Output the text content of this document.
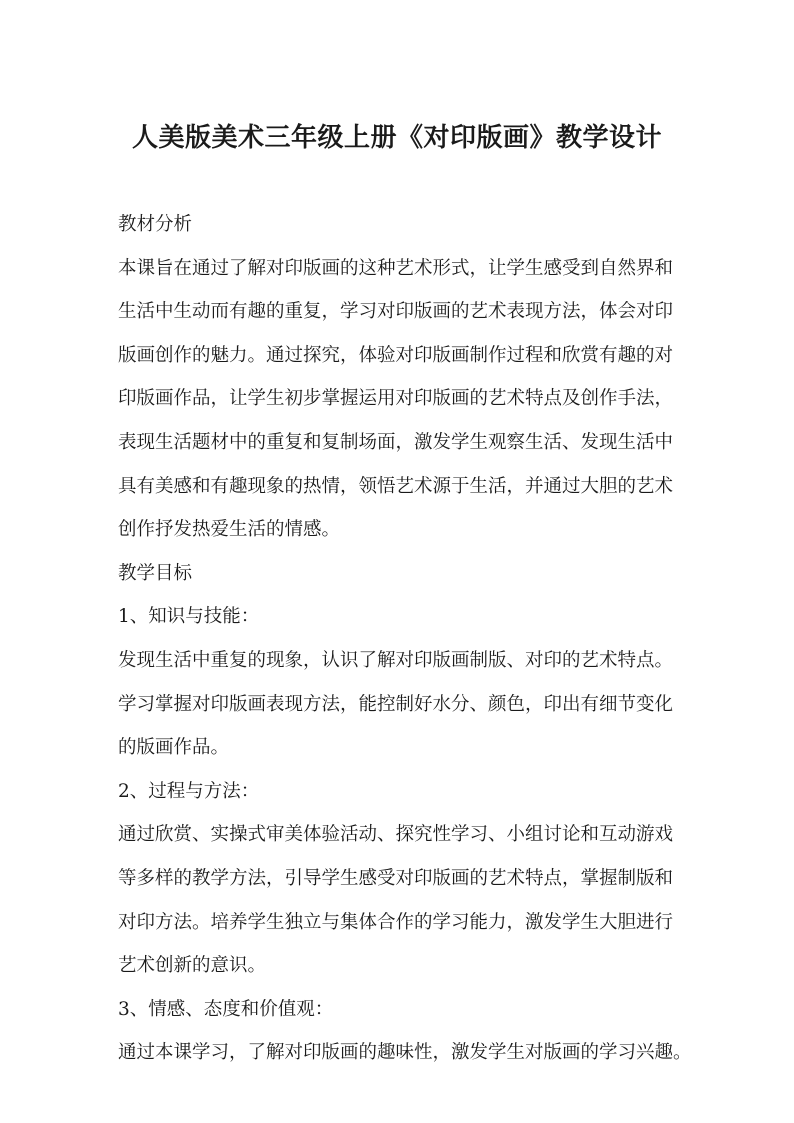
人美版美术三年级上册《对印版画》教学设计
教材分析
本课旨在通过了解对印版画的这种艺术形式，让学生感受到自然界和
生活中生动而有趣的重复，学习对印版画的艺术表现方法，体会对印
版画创作的魅力。通过探究，体验对印版画制作过程和欣赏有趣的对
印版画作品，让学生初步掌握运用对印版画的艺术特点及创作手法，
表现生活题材中的重复和复制场面，激发学生观察生活、发现生活中
具有美感和有趣现象的热情，领悟艺术源于生活，并通过大胆的艺术
创作抒发热爱生活的情感。
教学目标
1、知识与技能：
发现生活中重复的现象，认识了解对印版画制版、对印的艺术特点。
学习掌握对印版画表现方法，能控制好水分、颜色，印出有细节变化
的版画作品。
2、过程与方法：
通过欣赏、实操式审美体验活动、探究性学习、小组讨论和互动游戏
等多样的教学方法，引导学生感受对印版画的艺术特点，掌握制版和
对印方法。培养学生独立与集体合作的学习能力，激发学生大胆进行
艺术创新的意识。
3、情感、态度和价值观：
通过本课学习，了解对印版画的趣味性，激发学生对版画的学习兴趣。
